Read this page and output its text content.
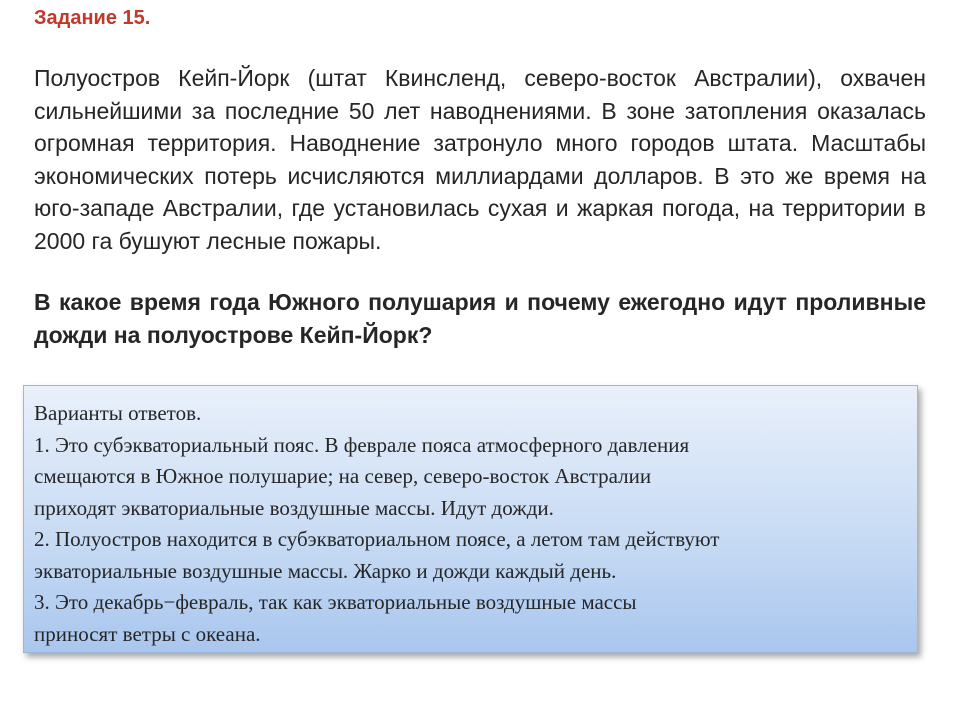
Задание 15.
Полуостров Кейп-Йорк (штат Квинсленд, северо-восток Австралии), охвачен сильнейшими за последние 50 лет наводнениями. В зоне затопления оказалась огромная территория. Наводнение затронуло много городов штата. Масштабы экономических потерь исчисляются миллиардами долларов. В это же время на юго-западе Австралии, где установилась сухая и жаркая погода, на территории в 2000 га бушуют лесные пожары.
В какое время года Южного полушария и почему ежегодно идут проливные дожди на полуострове Кейп-Йорк?
Варианты ответов.
1. Это субэкваториальный пояс. В феврале пояса атмосферного давления
смещаются в Южное полушарие; на север, северо-восток Австралии
приходят экваториальные воздушные массы. Идут дожди.
2. Полуостров находится в субэкваториальном поясе, а летом там действуют
экваториальные воздушные массы. Жарко и дожди каждый день.
3. Это декабрь−февраль, так как экваториальные воздушные массы
приносят ветры с океана.
